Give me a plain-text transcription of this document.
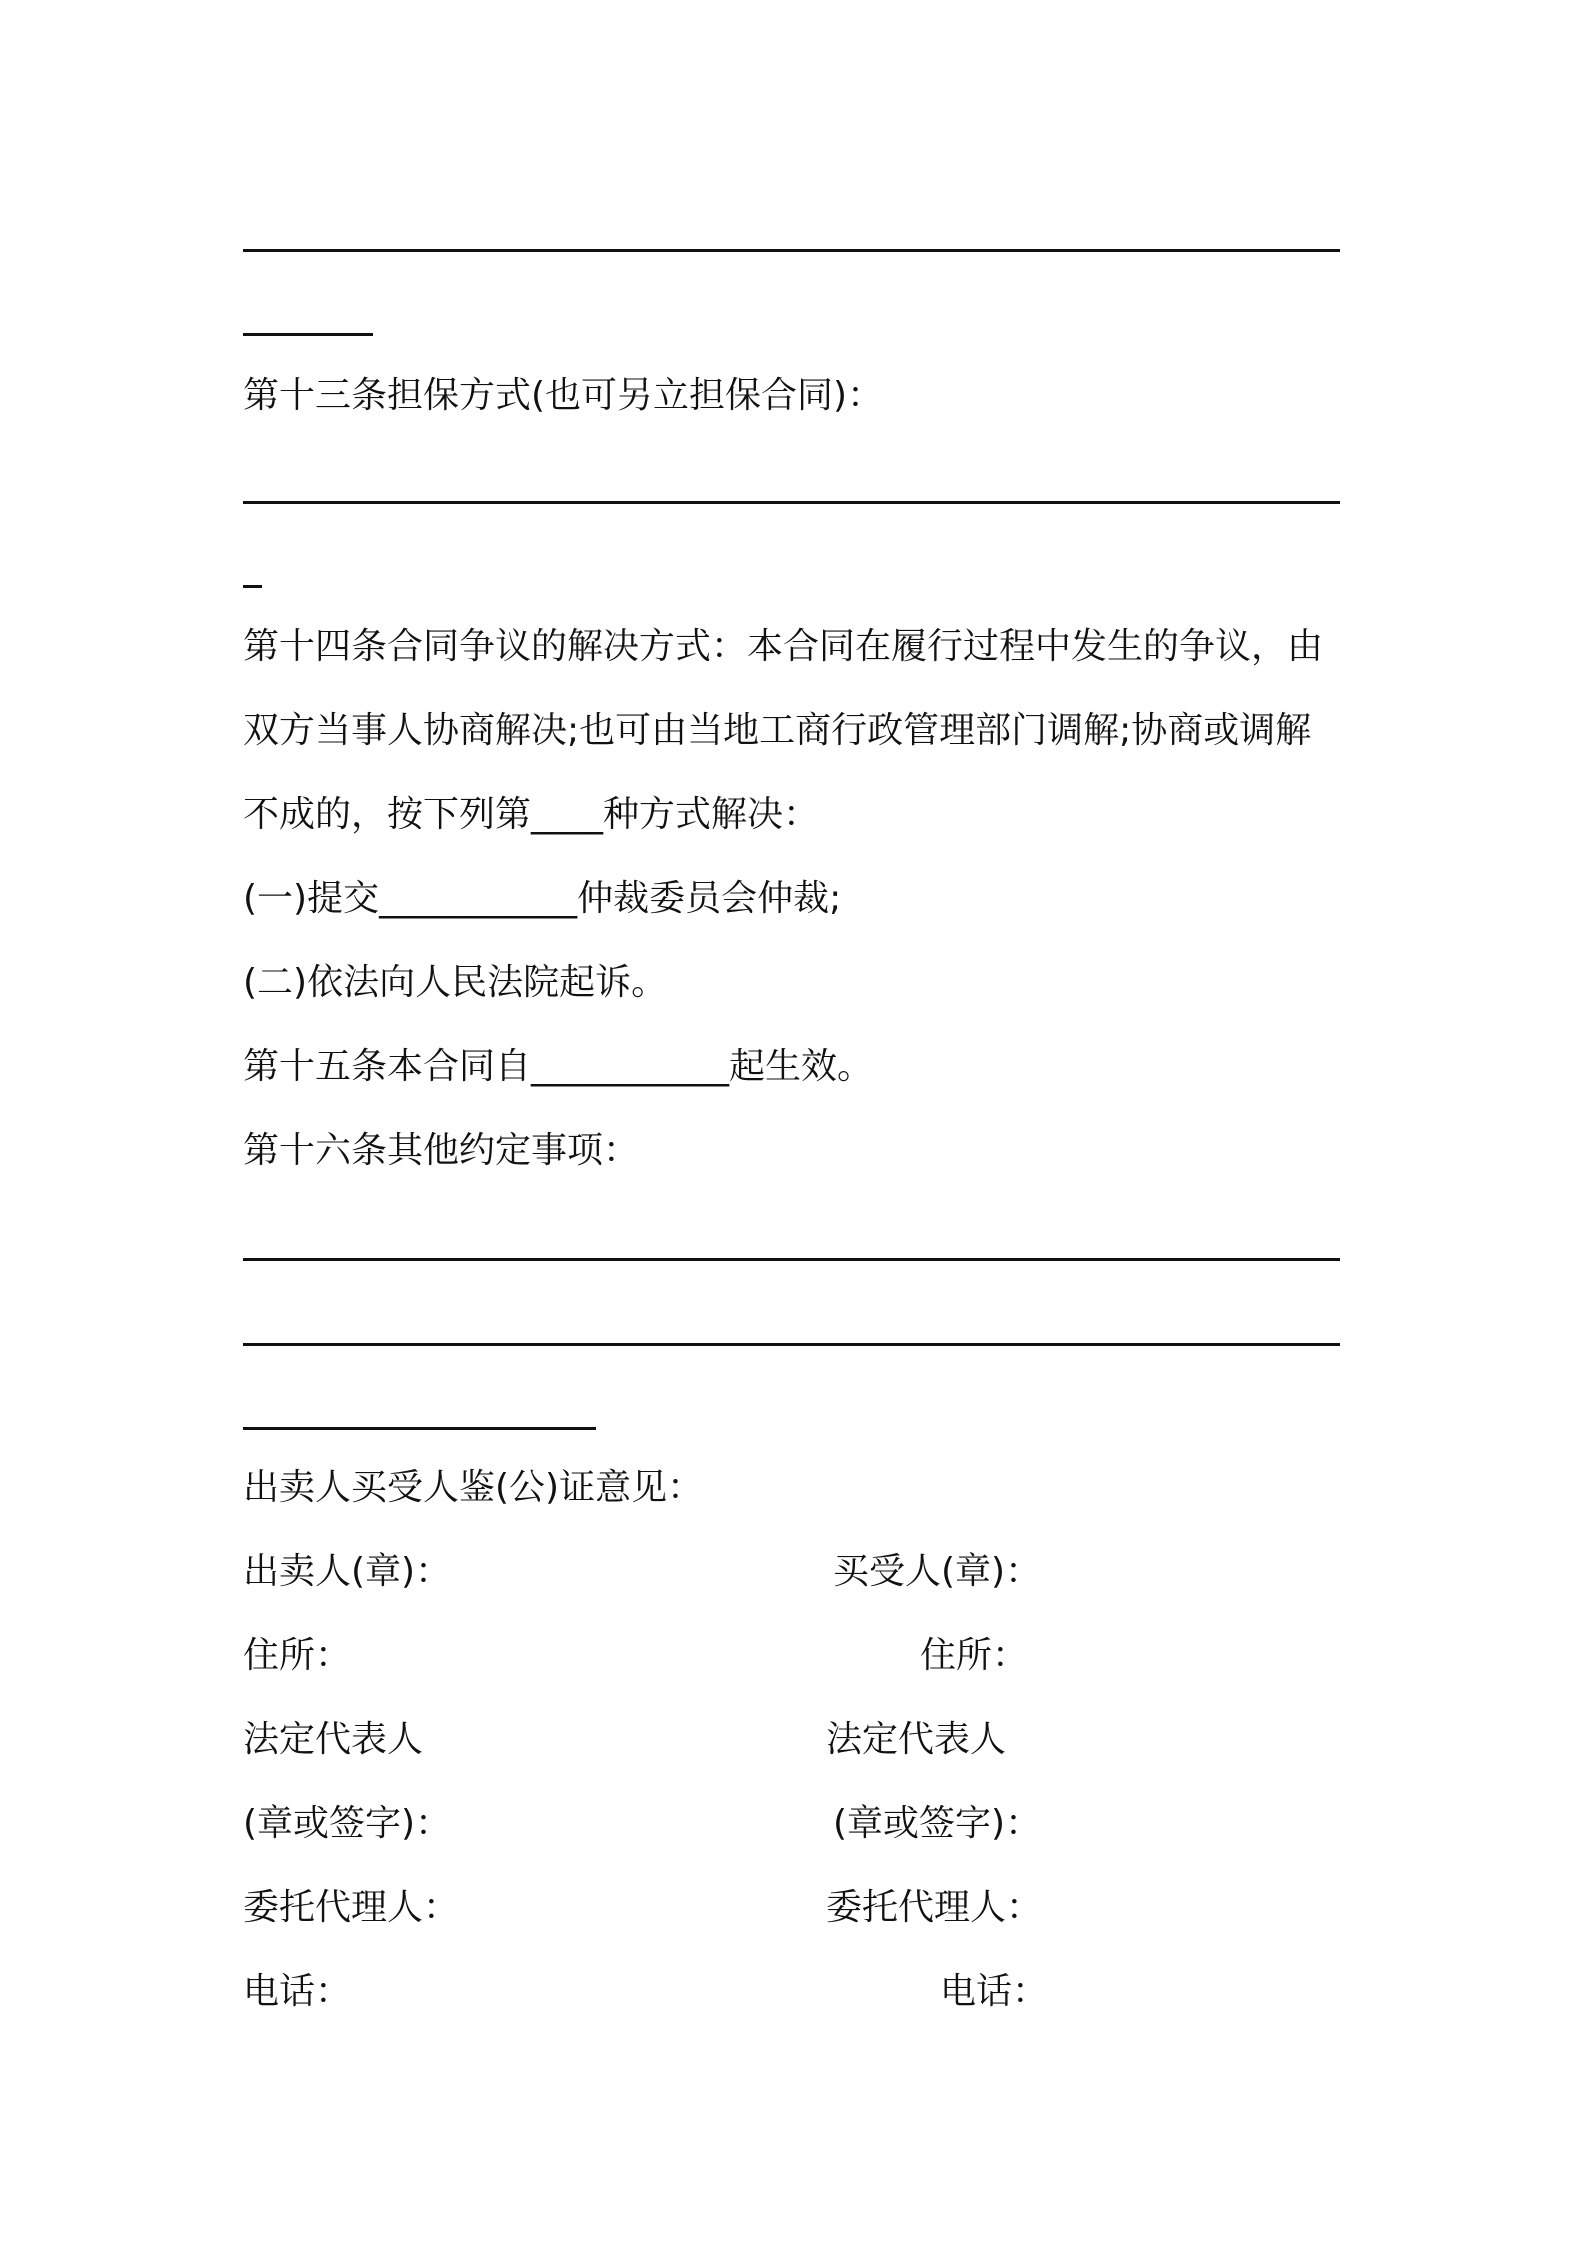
第十三条担保方式(也可另立担保合同)：
第十四条合同争议的解决方式：本合同在履行过程中发生的争议，由
双方当事人协商解决;也可由当地工商行政管理部门调解;协商或调解
不成的，按下列第____种方式解决：
(一)提交___________仲裁委员会仲裁;
(二)依法向人民法院起诉。
第十五条本合同自___________起生效。
第十六条其他约定事项：
出卖人买受人鉴(公)证意见：
出卖人(章)：
住所：
法定代表人
(章或签字)：
委托代理人：
电话：
买受人(章)：
住所：
法定代表人
(章或签字)：
委托代理人：
电话：
